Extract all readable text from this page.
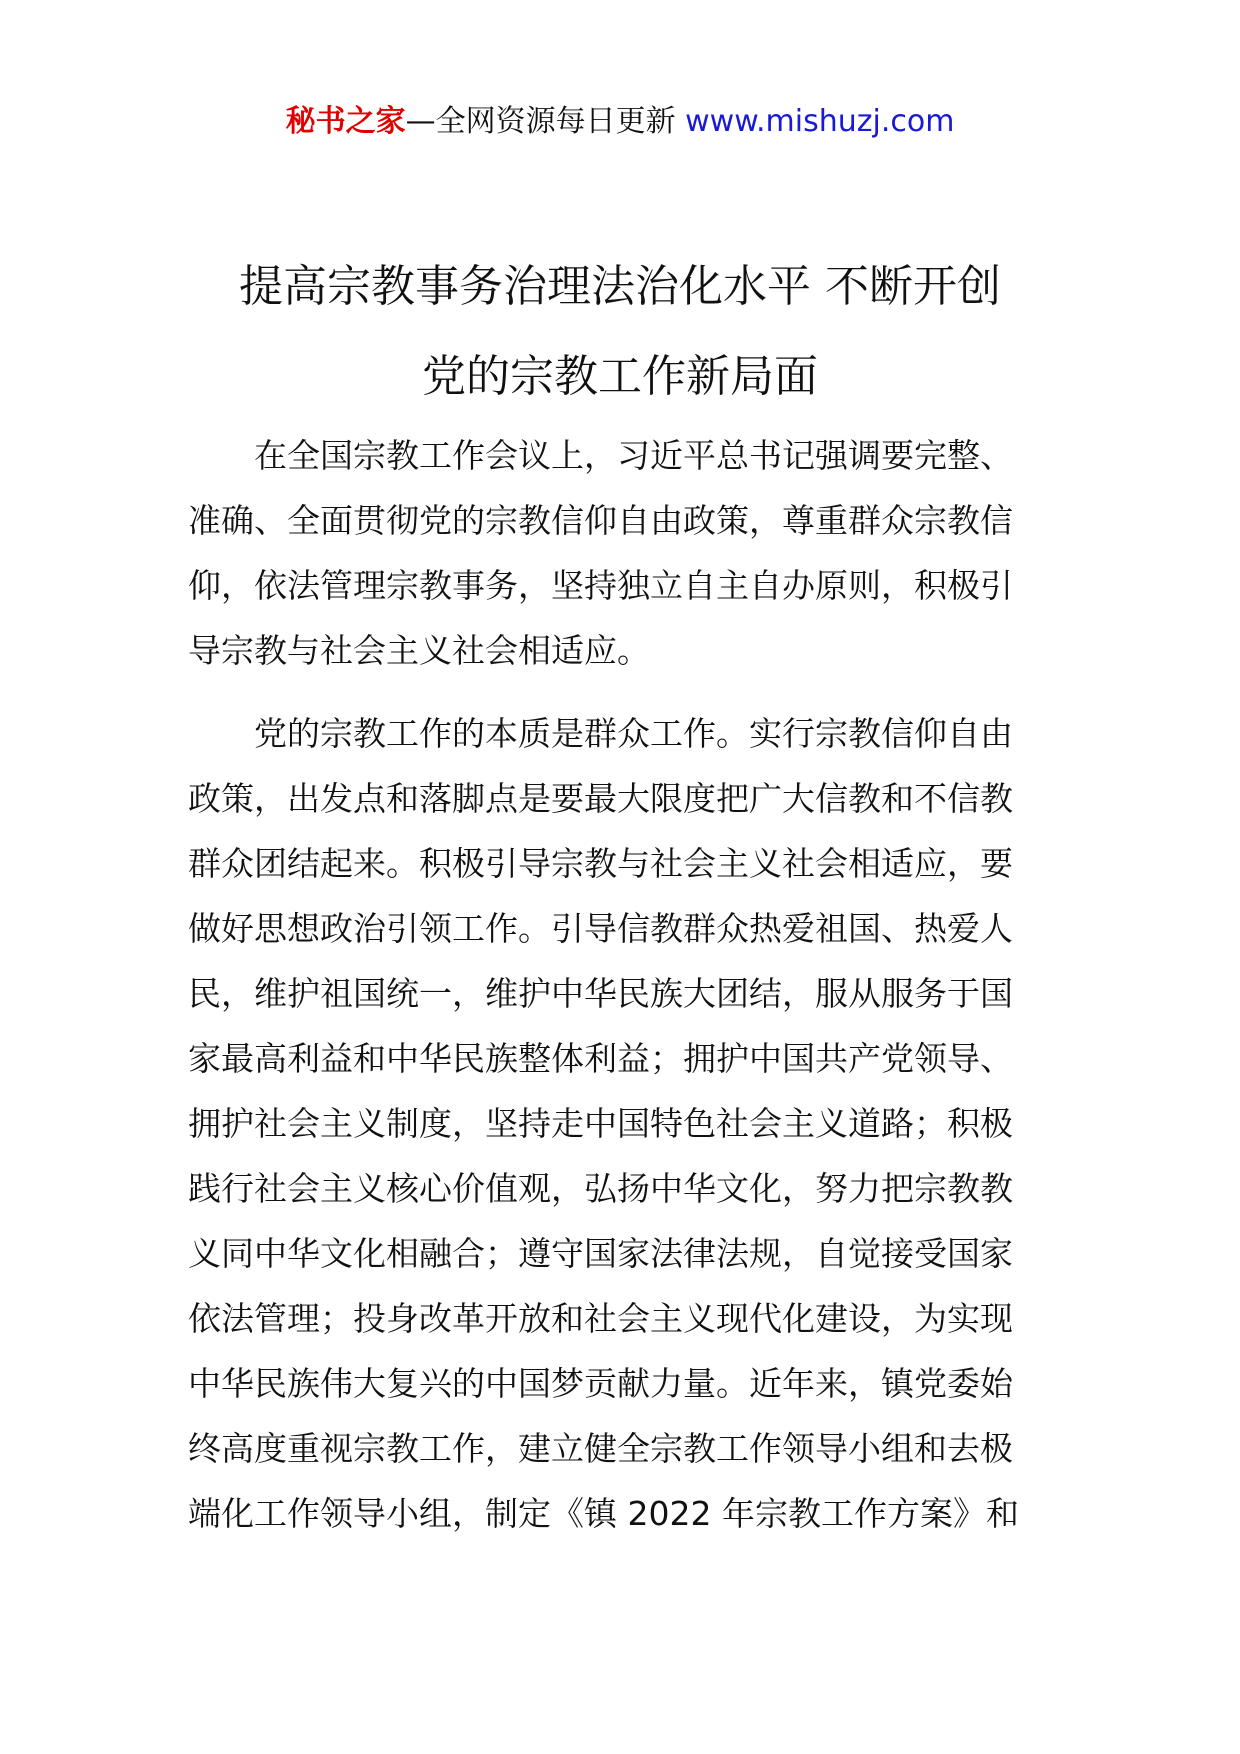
秘书之家—全网资源每日更新 www.mishuzj.com
提高宗教事务治理法治化水平 不断开创
党的宗教工作新局面

在全国宗教工作会议上，习近平总书记强调要完整、
准确、全面贯彻党的宗教信仰自由政策，尊重群众宗教信
仰，依法管理宗教事务，坚持独立自主自办原则，积极引
导宗教与社会主义社会相适应。

党的宗教工作的本质是群众工作。实行宗教信仰自由
政策，出发点和落脚点是要最大限度把广大信教和不信教
群众团结起来。积极引导宗教与社会主义社会相适应，要
做好思想政治引领工作。引导信教群众热爱祖国、热爱人
民，维护祖国统一，维护中华民族大团结，服从服务于国
家最高利益和中华民族整体利益；拥护中国共产党领导、
拥护社会主义制度，坚持走中国特色社会主义道路；积极
践行社会主义核心价值观，弘扬中华文化，努力把宗教教
义同中华文化相融合；遵守国家法律法规，自觉接受国家
依法管理；投身改革开放和社会主义现代化建设，为实现
中华民族伟大复兴的中国梦贡献力量。近年来，镇党委始
终高度重视宗教工作，建立健全宗教工作领导小组和去极
端化工作领导小组，制定《镇 2022 年宗教工作方案》和
